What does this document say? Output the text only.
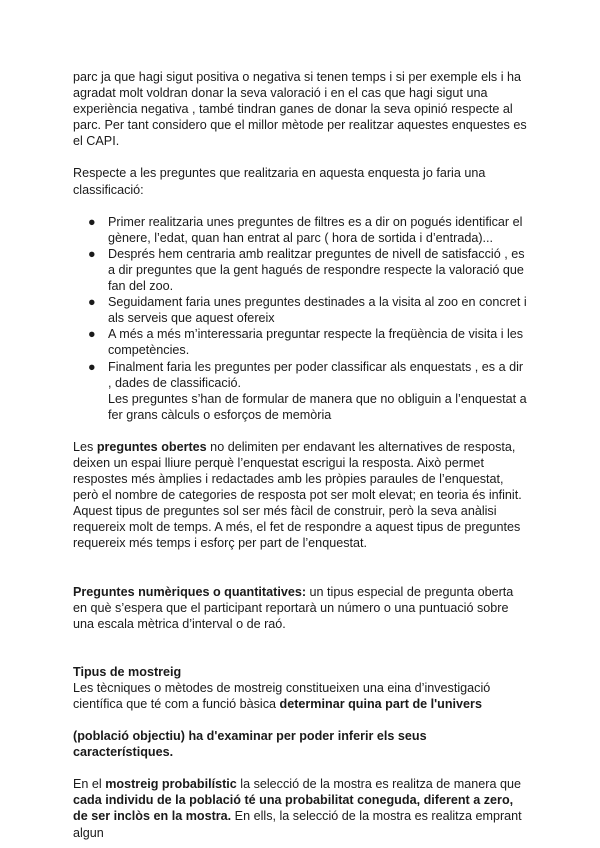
parc ja que hagi sigut positiva o negativa si tenen temps i si per exemple els i ha agradat molt voldran donar la seva valoració i en el cas que hagi sigut una experiència negativa , també tindran ganes de donar la seva opinió respecte al parc. Per tant considero que el millor mètode per realitzar aquestes enquestes es el CAPI.

Respecte a les preguntes que realitzaria en aquesta enquesta jo faria una classificació:

● Primer realitzaria unes preguntes de filtres es a dir on pogués identificar el gènere, l’edat, quan han entrat al parc ( hora de sortida i d’entrada)...
● Després hem centraria amb realitzar preguntes de nivell de satisfacció , es a dir preguntes que la gent hagués de respondre respecte la valoració que fan del zoo.
● Seguidament faria unes preguntes destinades a la visita al zoo en concret i als serveis que aquest ofereix
● A més a més m’interessaria preguntar respecte la freqüència de visita i les competències.
● Finalment faria les preguntes per poder classificar als enquestats , es a dir , dades de classificació.
Les preguntes s’han de formular de manera que no obliguin a l’enquestat a fer grans càlculs o esforços de memòria

Les preguntes obertes no delimiten per endavant les alternatives de resposta, deixen un espai lliure perquè l’enquestat escrigui la resposta. Això permet respostes més àmplies i redactades amb les pròpies paraules de l’enquestat, però el nombre de categories de resposta pot ser molt elevat; en teoria és infinit. Aquest tipus de preguntes sol ser més fàcil de construir, però la seva anàlisi requereix molt de temps. A més, el fet de respondre a aquest tipus de preguntes requereix més temps i esforç per part de l’enquestat.

Preguntes numèriques o quantitatives: un tipus especial de pregunta oberta en què s’espera que el participant reportarà un número o una puntuació sobre una escala mètrica d’interval o de raó.

Tipus de mostreig

Les tècniques o mètodes de mostreig constitueixen una eina d’investigació científica que té com a funció bàsica determinar quina part de l'univers

(població objectiu) ha d'examinar per poder inferir els seus característiques.

En el mostreig probabilístic la selecció de la mostra es realitza de manera que cada individu de la població té una probabilitat coneguda, diferent a zero, de ser inclòs en la mostra. En ells, la selecció de la mostra es realitza emprant algun
